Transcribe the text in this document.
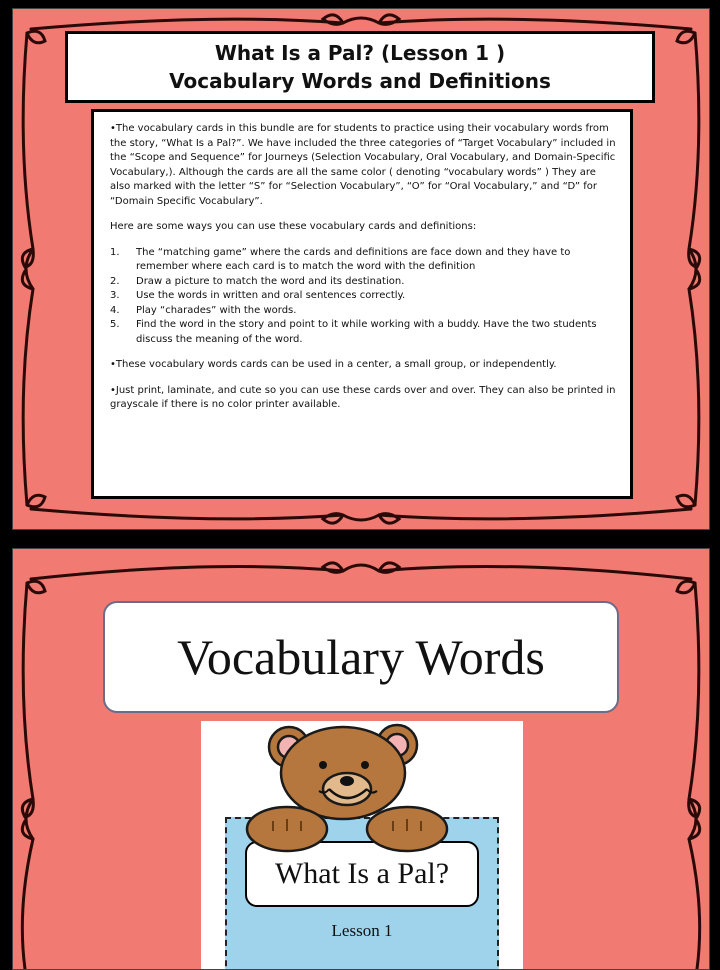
What Is a Pal? (Lesson 1 )
Vocabulary Words and Definitions

•The vocabulary cards in this bundle are for students to practice using their vocabulary words from the story, “What Is a Pal?”. We have included the three categories of “Target Vocabulary” included in the “Scope and Sequence” for Journeys (Selection Vocabulary, Oral Vocabulary, and Domain-Specific Vocabulary,). Although the cards are all the same color ( denoting “vocabulary words” ) They are also marked with the letter “S” for “Selection Vocabulary”, “O” for “Oral Vocabulary,” and “D” for “Domain Specific Vocabulary”.

Here are some ways you can use these vocabulary cards and definitions:

1.	The “matching game” where the cards and definitions are face down and they have to remember where each card is to match the word with the definition
2.	Draw a picture to match the word and its destination.
3.	Use the words in written and oral sentences correctly.
4.	Play “charades” with the words.
5.	Find the word in the story and point to it while working with a buddy. Have the two students discuss the meaning of the word.

•These vocabulary words cards can be used in a center, a small group, or independently.

•Just print, laminate, and cute so you can use these cards over and over. They can also be printed in grayscale if there is no color printer available.

Vocabulary Words
What Is a Pal?
Lesson 1
